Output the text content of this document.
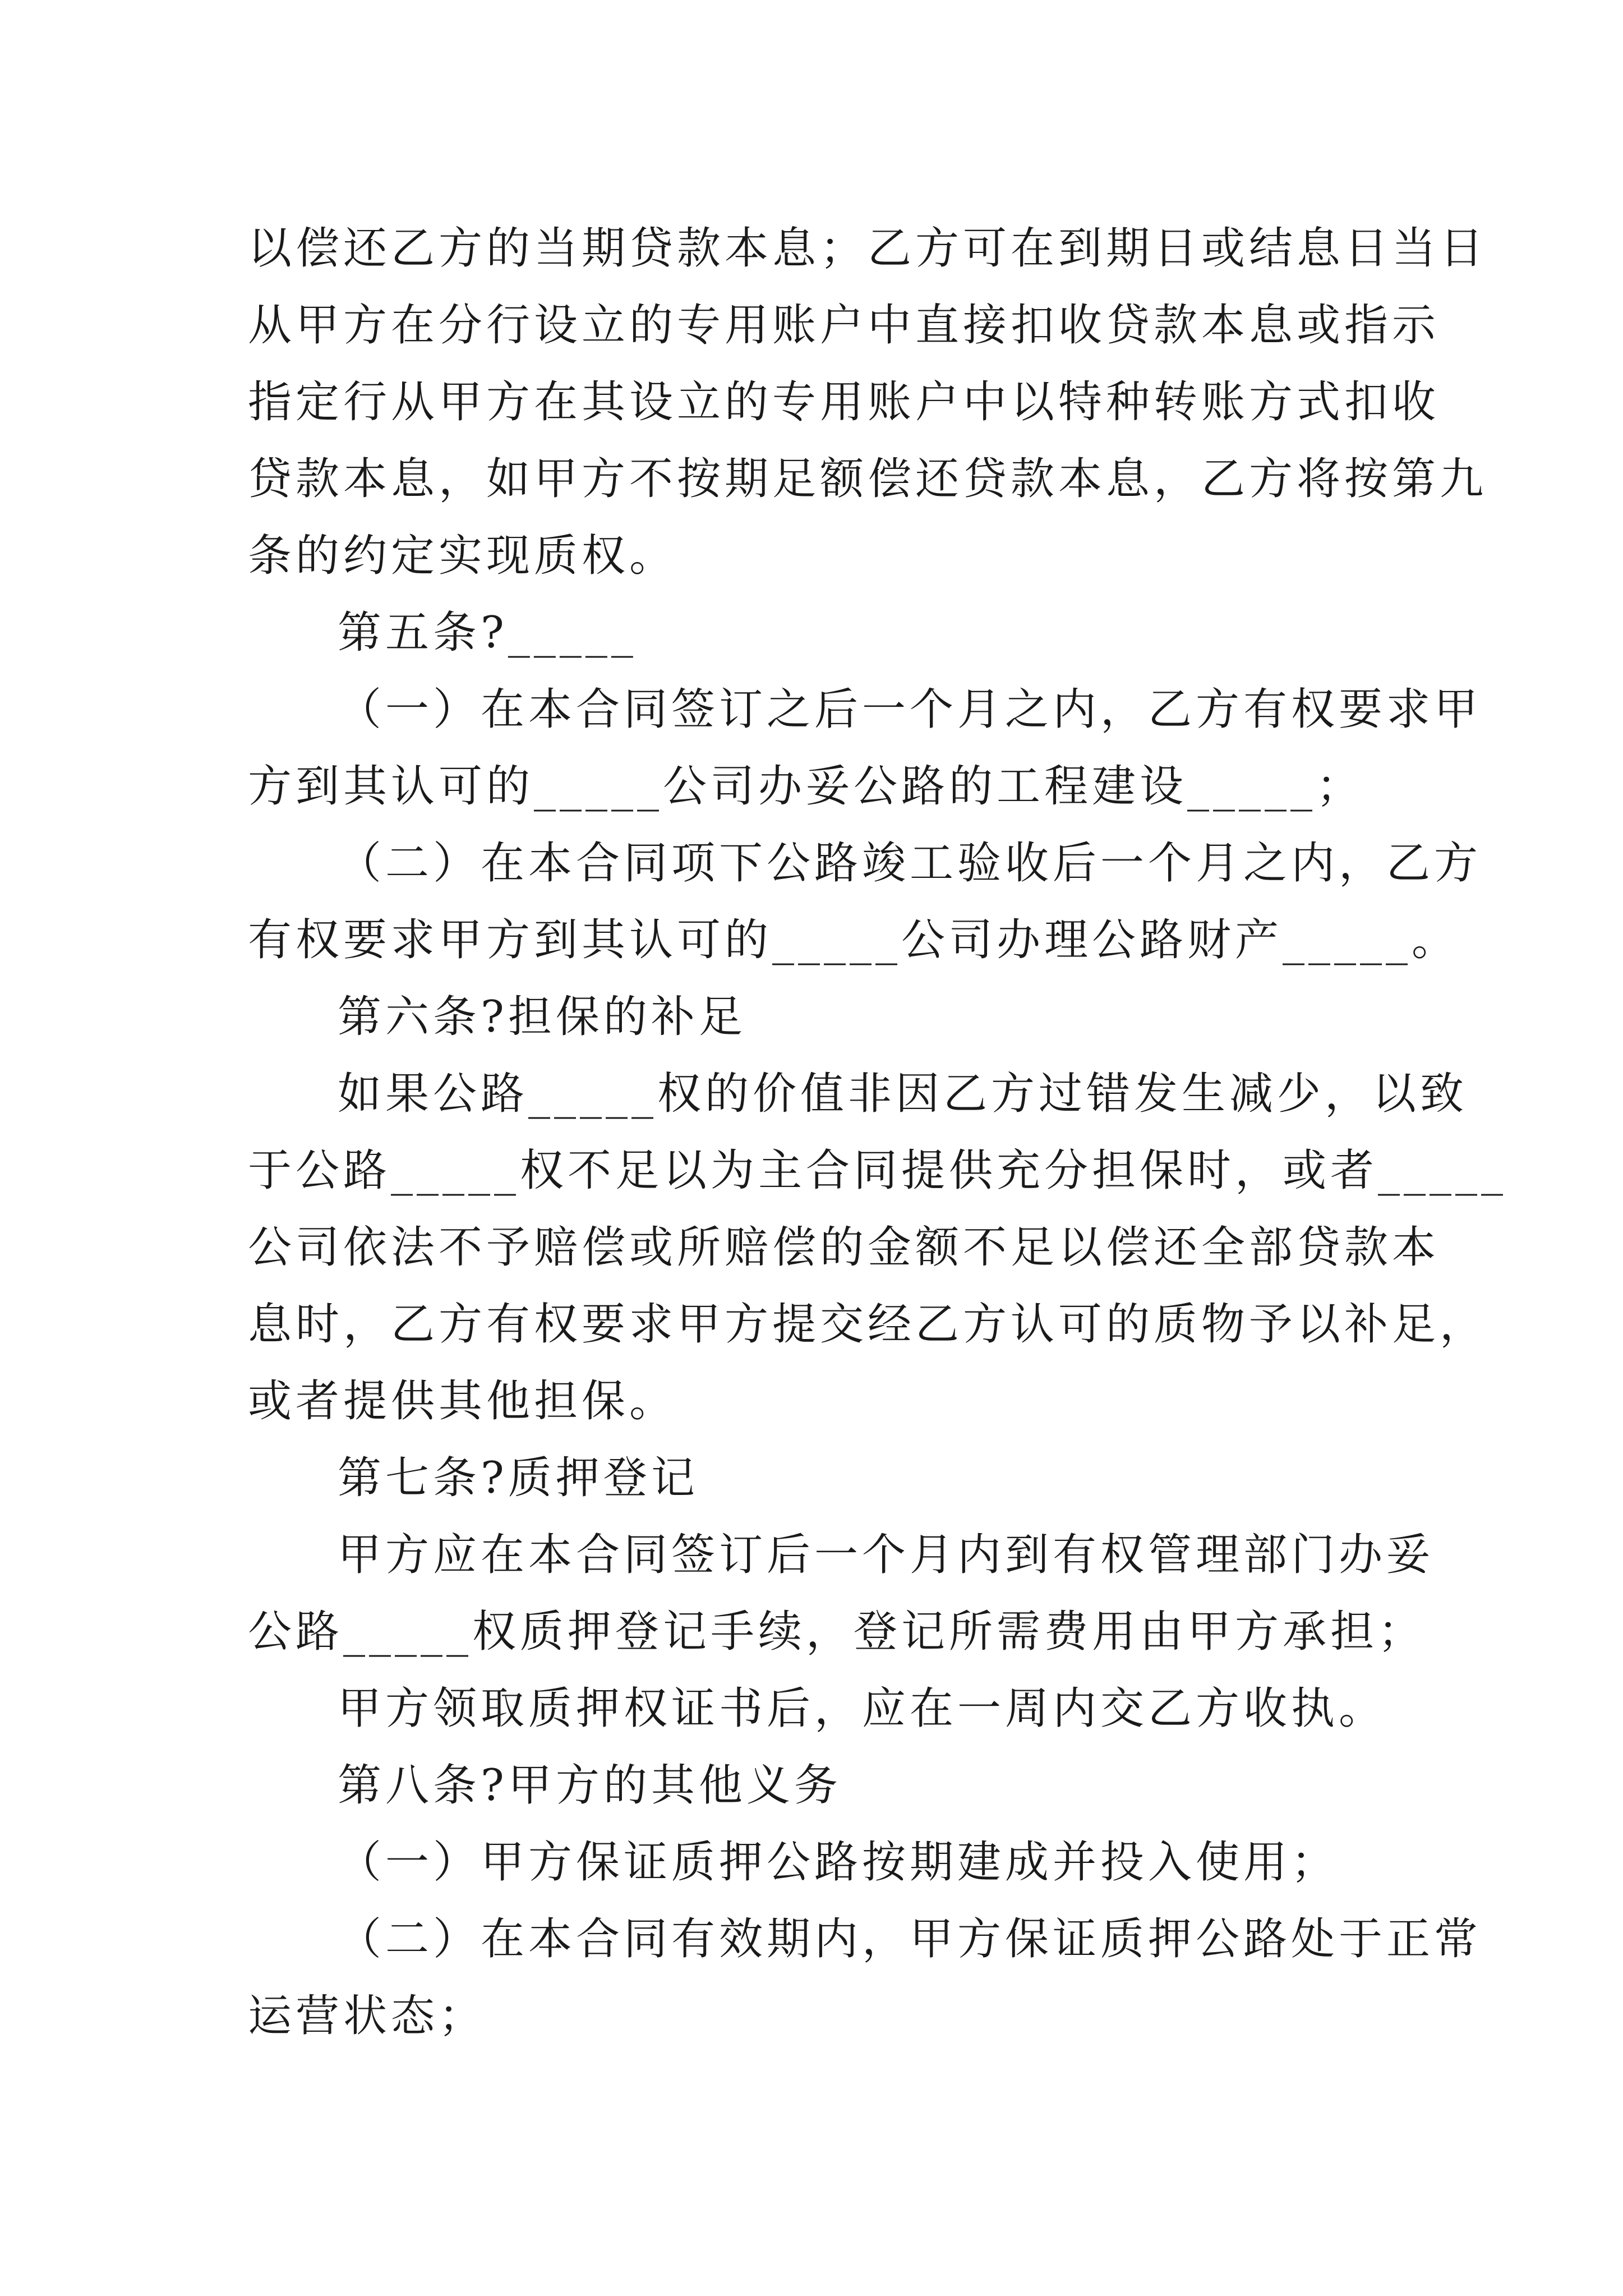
以偿还乙方的当期贷款本息；乙方可在到期日或结息日当日
从甲方在分行设立的专用账户中直接扣收贷款本息或指示
指定行从甲方在其设立的专用账户中以特种转账方式扣收
贷款本息，如甲方不按期足额偿还贷款本息，乙方将按第九
条的约定实现质权。
第五条?_____
（一）在本合同签订之后一个月之内，乙方有权要求甲
方到其认可的_____公司办妥公路的工程建设_____；
（二）在本合同项下公路竣工验收后一个月之内，乙方
有权要求甲方到其认可的_____公司办理公路财产_____。
第六条?担保的补足
如果公路_____权的价值非因乙方过错发生减少，以致
于公路_____权不足以为主合同提供充分担保时，或者_____
公司依法不予赔偿或所赔偿的金额不足以偿还全部贷款本
息时，乙方有权要求甲方提交经乙方认可的质物予以补足，
或者提供其他担保。
第七条?质押登记
甲方应在本合同签订后一个月内到有权管理部门办妥
公路_____权质押登记手续，登记所需费用由甲方承担；
甲方领取质押权证书后，应在一周内交乙方收执。
第八条?甲方的其他义务
（一）甲方保证质押公路按期建成并投入使用；
（二）在本合同有效期内，甲方保证质押公路处于正常
运营状态；
